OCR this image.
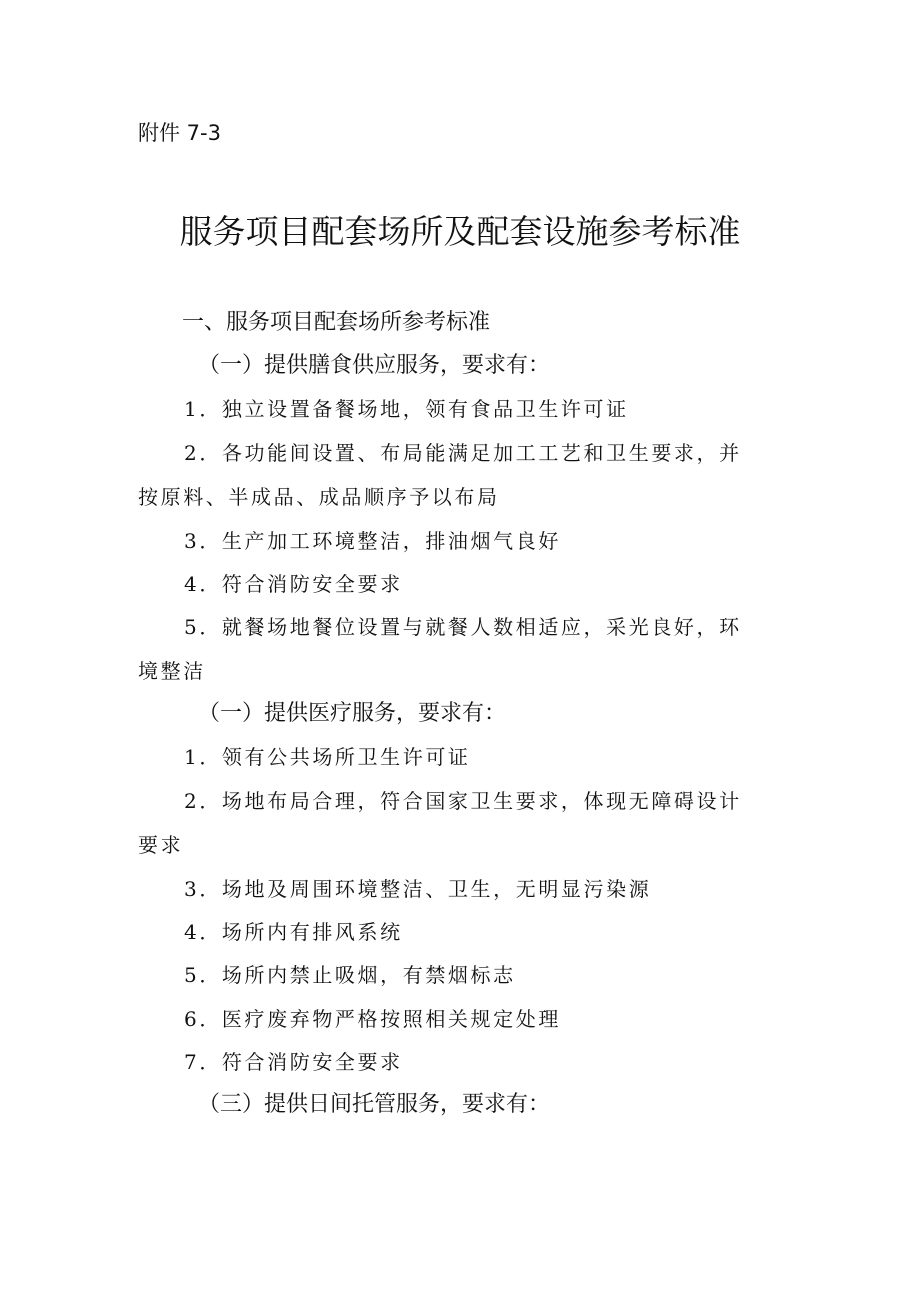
附件 7-3
服务项目配套场所及配套设施参考标准
一、服务项目配套场所参考标准
（一）提供膳食供应服务，要求有：
1．独立设置备餐场地，领有食品卫生许可证
2．各功能间设置、布局能满足加工工艺和卫生要求，并
按原料、半成品、成品顺序予以布局
3．生产加工环境整洁，排油烟气良好
4．符合消防安全要求
5．就餐场地餐位设置与就餐人数相适应，采光良好，环
境整洁
（一）提供医疗服务，要求有：
1．领有公共场所卫生许可证
2．场地布局合理，符合国家卫生要求，体现无障碍设计
要求
3．场地及周围环境整洁、卫生，无明显污染源
4．场所内有排风系统
5．场所内禁止吸烟，有禁烟标志
6．医疗废弃物严格按照相关规定处理
7．符合消防安全要求
（三）提供日间托管服务，要求有：
